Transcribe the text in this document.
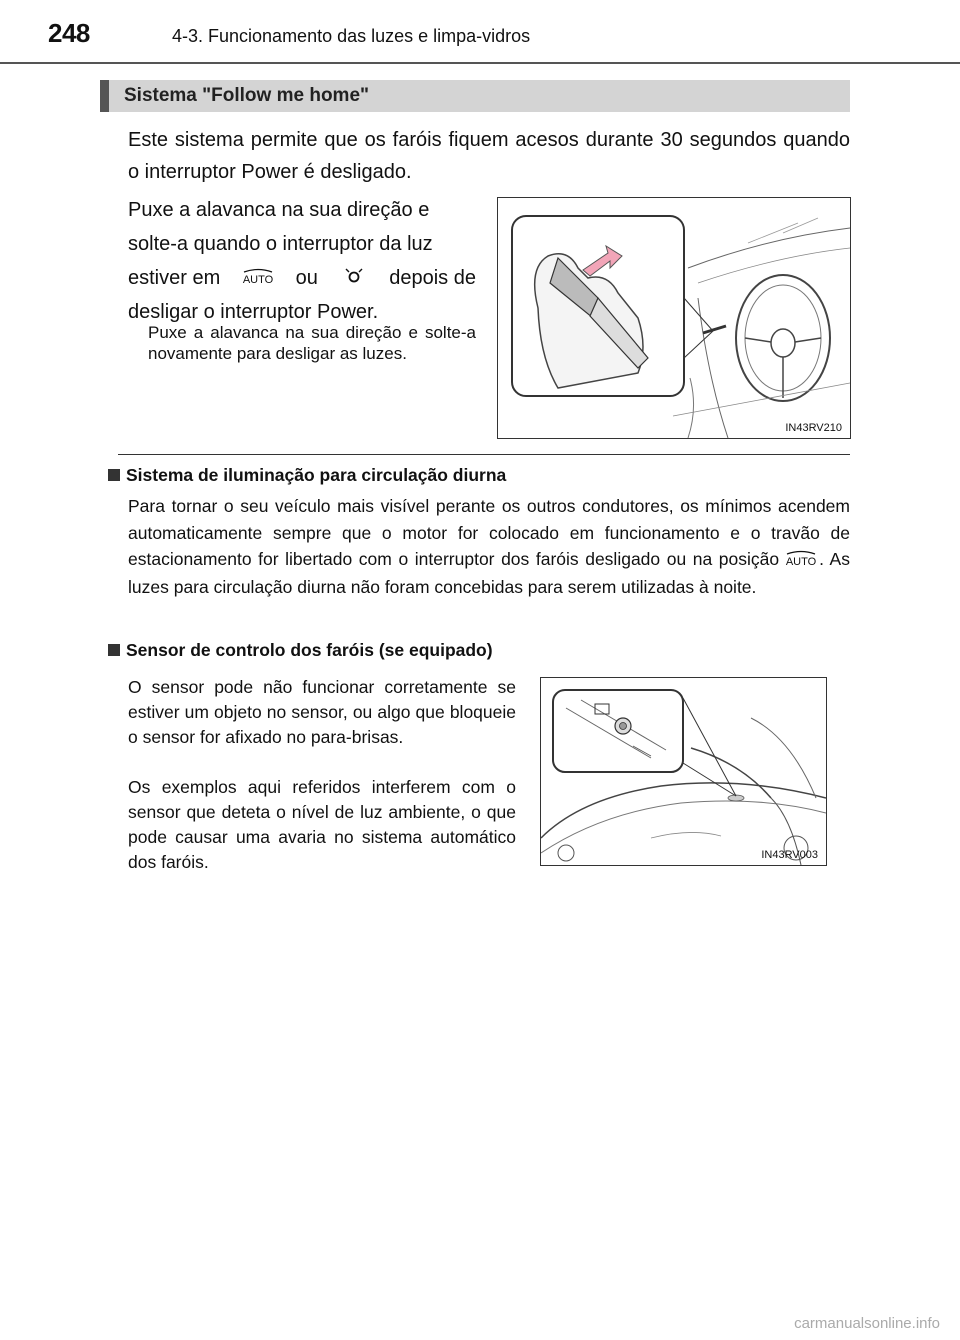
248	4-3. Funcionamento das luzes e limpa-vidros
Sistema "Follow me home"
Este sistema permite que os faróis fiquem acesos durante 30 segundos quando o interruptor Power é desligado.
Puxe a alavanca na sua direção e
solte-a quando o interruptor da luz
estiver em AUTO ou	depois de
desligar o interruptor Power.
Puxe a alavanca na sua direção e solte-a novamente para desligar as luzes.
IN43RV210
Sistema de iluminação para circulação diurna
Para tornar o seu veículo mais visível perante os outros condutores, os mínimos acendem automaticamente sempre que o motor for colocado em funcionamento e o travão de estacionamento for libertado com o interruptor dos faróis desligado ou na posição AUTO . As luzes para circulação diurna não foram concebidas para serem utilizadas à noite.
Sensor de controlo dos faróis (se equipado)
O sensor pode não funcionar corretamente se estiver um objeto no sensor, ou algo que bloqueie o sensor for afixado no para-brisas.
Os exemplos aqui referidos interferem com o sensor que deteta o nível de luz ambiente, o que pode causar uma avaria no sistema automático dos faróis.	IN43RV003
carmanualsonline.info
